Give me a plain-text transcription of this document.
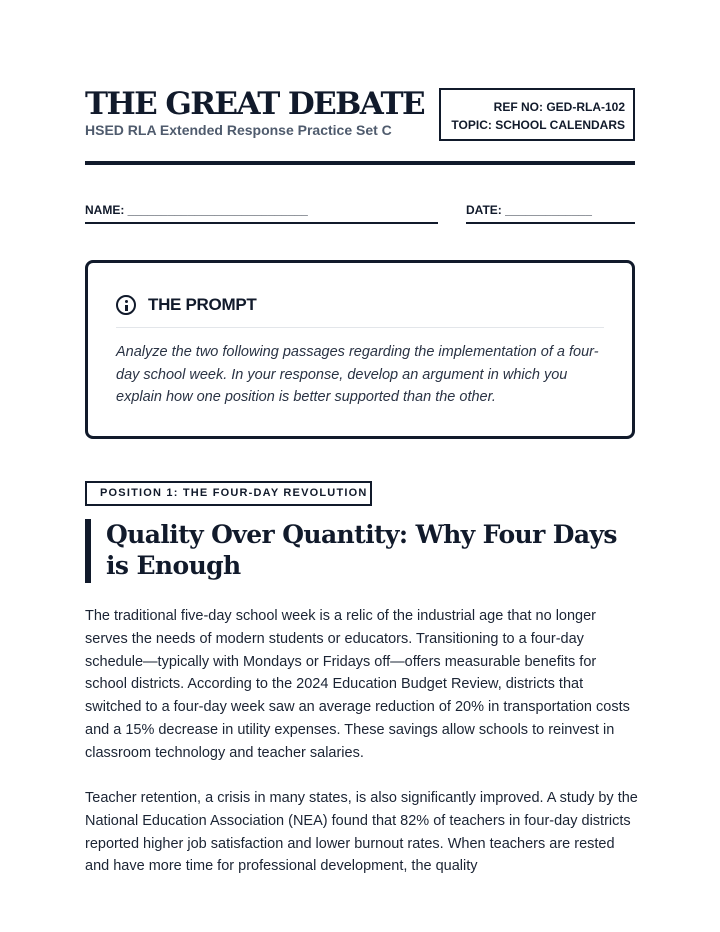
THE GREAT DEBATE
HSED RLA Extended Response Practice Set C
REF NO: GED-RLA-102
TOPIC: SCHOOL CALENDARS
NAME: ___________________________	DATE: _____________
THE PROMPT

Analyze the two following passages regarding the implementation of a four-day school week. In your response, develop an argument in which you explain how one position is better supported than the other.

POSITION 1: THE FOUR-DAY REVOLUTION
Quality Over Quantity: Why Four Days is Enough

The traditional five-day school week is a relic of the industrial age that no longer serves the needs of modern students or educators. Transitioning to a four-day schedule—typically with Mondays or Fridays off—offers measurable benefits for school districts. According to the 2024 Education Budget Review, districts that switched to a four-day week saw an average reduction of 20% in transportation costs and a 15% decrease in utility expenses. These savings allow schools to reinvest in classroom technology and teacher salaries.

Teacher retention, a crisis in many states, is also significantly improved. A study by the National Education Association (NEA) found that 82% of teachers in four-day districts reported higher job satisfaction and lower burnout rates. When teachers are rested and have more time for professional development, the quality
